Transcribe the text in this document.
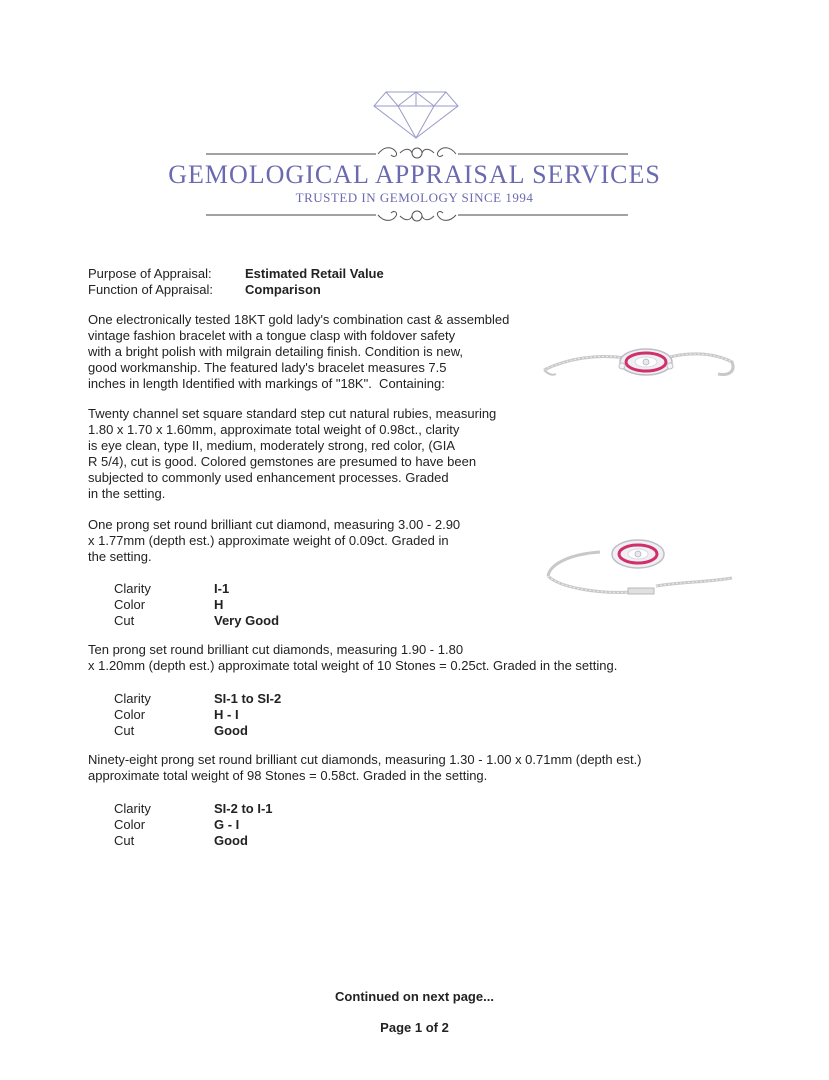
GEMOLOGICAL APPRAISAL SERVICES
TRUSTED IN GEMOLOGY SINCE 1994
Purpose of Appraisal:	Estimated Retail Value
Function of Appraisal: Comparison
One electronically tested 18KT gold lady's combination cast & assembled
vintage fashion bracelet with a tongue clasp with foldover safety
with a bright polish with milgrain detailing finish. Condition is new,
good workmanship. The featured lady's bracelet measures 7.5
inches in length Identified with markings of "18K".  Containing:
Twenty channel set square standard step cut natural rubies, measuring
1.80 x 1.70 x 1.60mm, approximate total weight of 0.98ct., clarity
is eye clean, type II, medium, moderately strong, red color, (GIA
R 5/4), cut is good. Colored gemstones are presumed to have been
subjected to commonly used enhancement processes. Graded
in the setting.
One prong set round brilliant cut diamond, measuring 3.00 - 2.90
x 1.77mm (depth est.) approximate weight of 0.09ct. Graded in
the setting.
Clarity	I-1
Color	H
Cut	Very Good
Ten prong set round brilliant cut diamonds, measuring 1.90 - 1.80
x 1.20mm (depth est.) approximate total weight of 10 Stones = 0.25ct. Graded in the setting.
Clarity	SI-1 to SI-2
Color	H - I
Cut	Good
Ninety-eight prong set round brilliant cut diamonds, measuring 1.30 - 1.00 x 0.71mm (depth est.)
approximate total weight of 98 Stones = 0.58ct. Graded in the setting.
Clarity	SI-2 to I-1
Color	G - I
Cut	Good
Continued on next page...
Page 1 of 2
